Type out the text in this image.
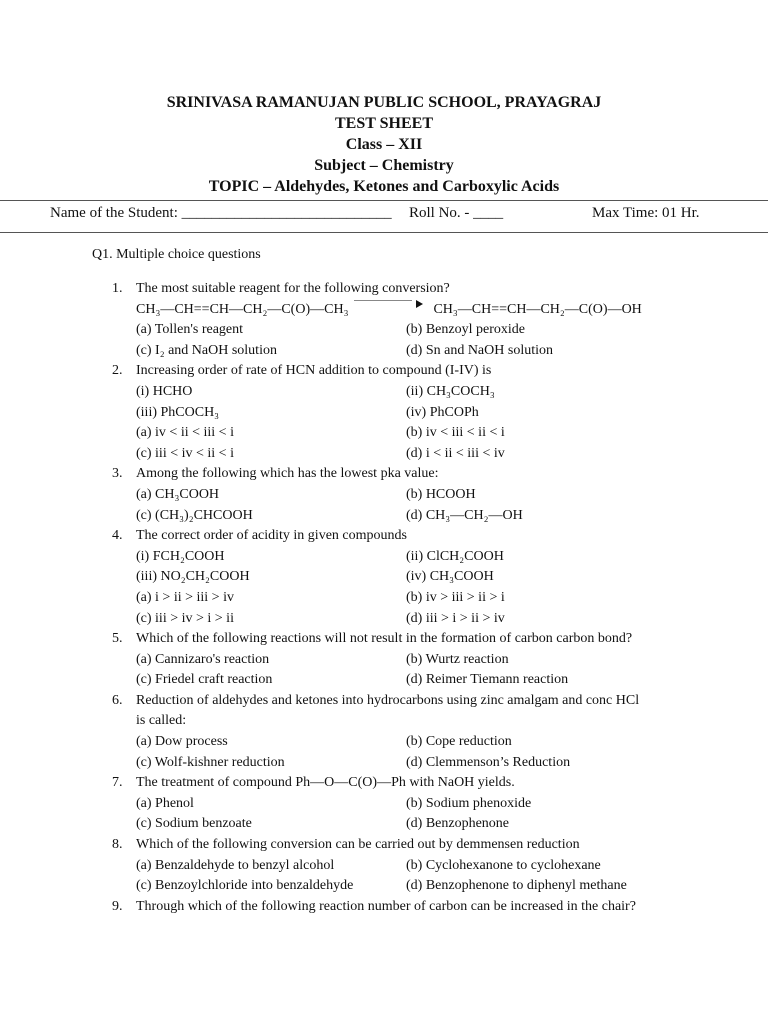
SRINIVASA RAMANUJAN PUBLIC SCHOOL, PRAYAGRAJ
TEST SHEET
Class – XII
Subject – Chemistry
TOPIC – Aldehydes, Ketones and Carboxylic Acids
Name of the Student: ____________________________ Roll No. - ____	Max Time: 01 Hr.
Q1. Multiple choice questions
1. The most suitable reagent for the following conversion?
CH₃—CH==CH—CH₂—C(O)—CH₃	CH₃—CH==CH—CH₂—C(O)—OH
(a) Tollen's reagent	(b) Benzoyl peroxide
(c) I₂ and NaOH solution	(d) Sn and NaOH solution
2. Increasing order of rate of HCN addition to compound (I-IV) is
(i) HCHO	(ii) CH₃COCH₃
(iii) PhCOCH₃	(iv) PhCOPh
(a) iv < ii < iii < i	(b) iv < iii < ii < i
(c) iii < iv < ii < i	(d) i < ii < iii < iv
3. Among the following which has the lowest pka value:
(a) CH₃COOH	(b) HCOOH
(c) (CH₃)₂CHCOOH	(d) CH₃—CH₂—OH
4. The correct order of acidity in given compounds
(i) FCH₂COOH	(ii) ClCH₂COOH
(iii) NO₂CH₂COOH	(iv) CH₃COOH
(a) i > ii > iii > iv	(b) iv > iii > ii > i
(c) iii > iv > i > ii	(d) iii > i > ii > iv
5. Which of the following reactions will not result in the formation of carbon carbon bond?
(a) Cannizaro's reaction	(b) Wurtz reaction
(c) Friedel craft reaction	(d) Reimer Tiemann reaction
6. Reduction of aldehydes and ketones into hydrocarbons using zinc amalgam and conc HCl
is called:
(a) Dow process	(b) Cope reduction
(c) Wolf-kishner reduction	(d) Clemmenson’s Reduction
7. The treatment of compound Ph—O—C(O)—Ph with NaOH yields.
(a) Phenol	(b) Sodium phenoxide
(c) Sodium benzoate	(d) Benzophenone
8. Which of the following conversion can be carried out by demmensen reduction
(a) Benzaldehyde to benzyl alcohol	(b) Cyclohexanone to cyclohexane
(c) Benzoylchloride into benzaldehyde	(d) Benzophenone to diphenyl methane
9. Through which of the following reaction number of carbon can be increased in the chair?
